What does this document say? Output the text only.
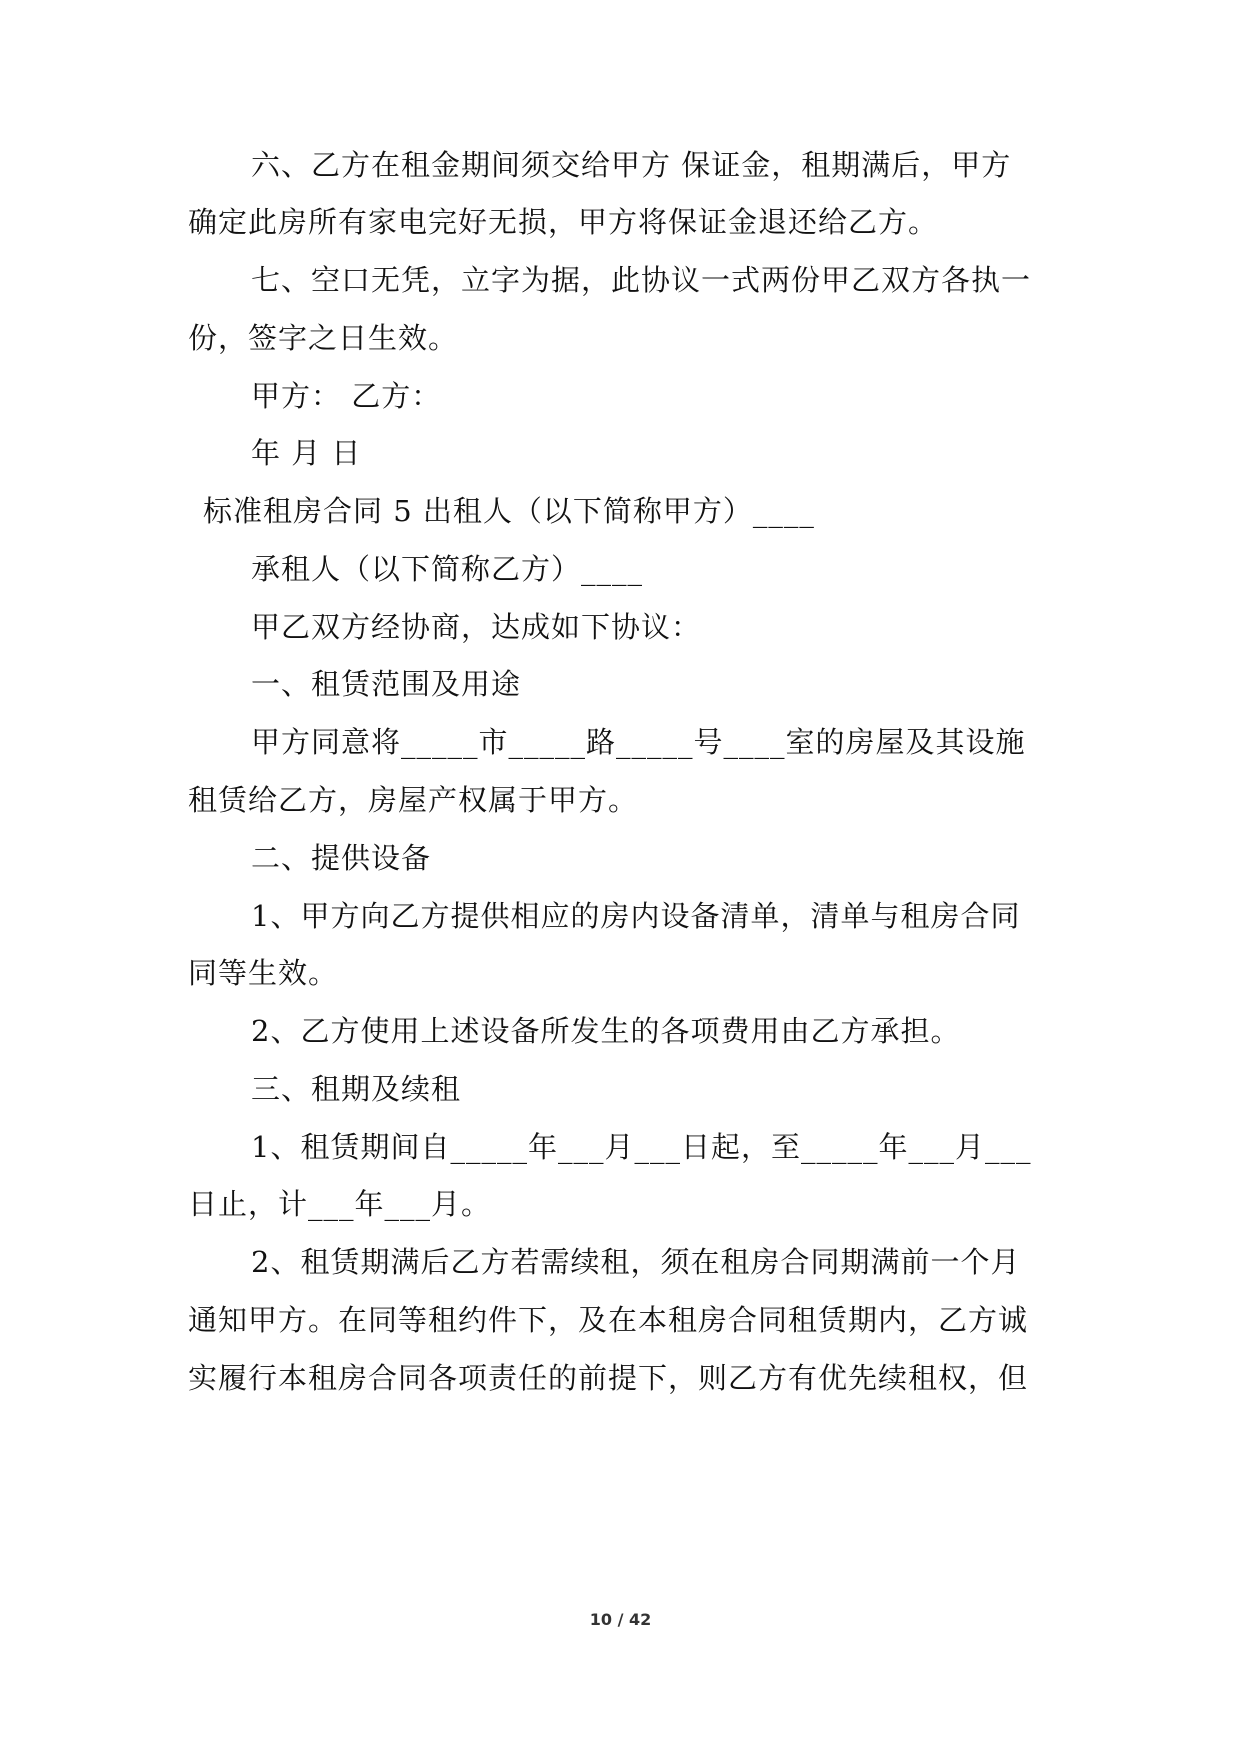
六、乙方在租金期间须交给甲方 保证金，租期满后，甲方
确定此房所有家电完好无损，甲方将保证金退还给乙方。
七、空口无凭，立字为据，此协议一式两份甲乙双方各执一
份，签字之日生效。
甲方： 乙方：
年 月 日
标准租房合同 5 出租人（以下简称甲方）____
承租人（以下简称乙方）____
甲乙双方经协商，达成如下协议：
一、租赁范围及用途
甲方同意将_____市_____路_____号____室的房屋及其设施
租赁给乙方，房屋产权属于甲方。
二、提供设备
1、甲方向乙方提供相应的房内设备清单，清单与租房合同
同等生效。
2、乙方使用上述设备所发生的各项费用由乙方承担。
三、租期及续租
1、租赁期间自_____年___月___日起，至_____年___月___
日止，计___年___月。
2、租赁期满后乙方若需续租，须在租房合同期满前一个月
通知甲方。在同等租约件下，及在本租房合同租赁期内，乙方诚
实履行本租房合同各项责任的前提下，则乙方有优先续租权，但
10 / 42
